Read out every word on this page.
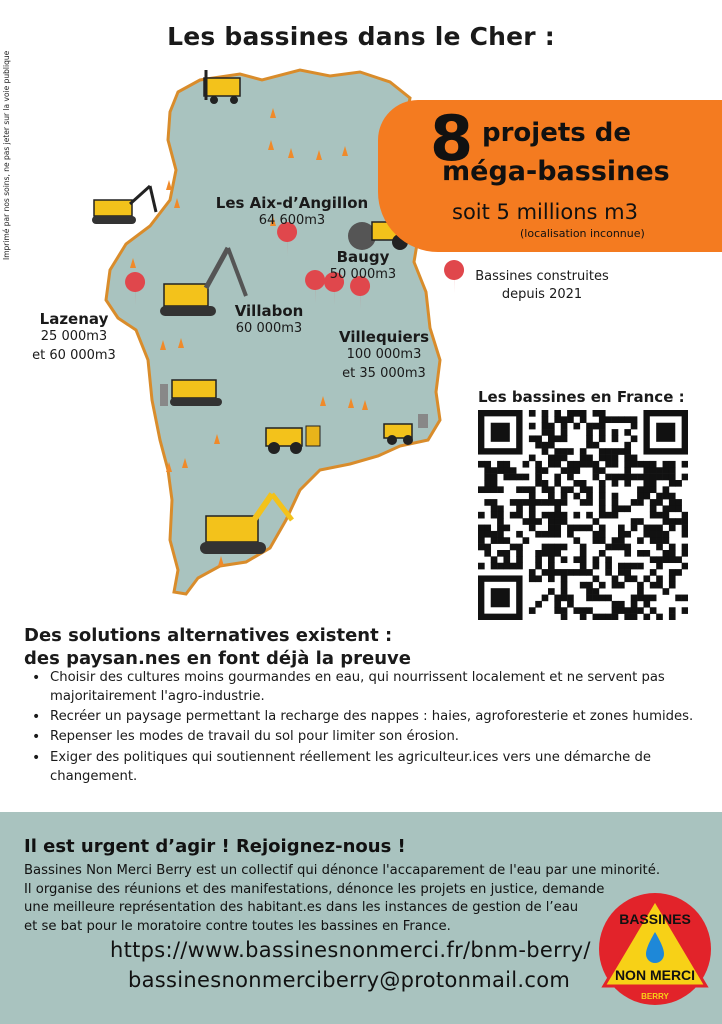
Imprimé par nos soins, ne pas jeter sur la voie publique
Les bassines dans le Cher :
8 projets de
méga-bassines
soit 5 millions m3
(localisation inconnue)
Les Aix-d’Angillon
64 600m3
Baugy
50 000m3
Lazenay
25 000m3
et 60 000m3
Villabon
60 000m3	Villequiers
100 000m3
et 35 000m3
Bassines construites
depuis 2021
Les bassines en France :
Des solutions alternatives existent :
des paysan.nes en font déjà la preuve
• Choisir des cultures moins gourmandes en eau, qui nourrissent localement et ne servent pas majoritairement l'agro-industrie.
• Recréer un paysage permettant la recharge des nappes : haies, agroforesterie et zones humides.
• Repenser les modes de travail du sol pour limiter son érosion.
• Exiger des politiques qui soutiennent réellement les agriculteur.ices vers une démarche de changement.
Il est urgent d’agir ! Rejoignez-nous !
Bassines Non Merci Berry est un collectif qui dénonce l'accaparement de l'eau par une minorité.
Il organise des réunions et des manifestations, dénonce les projets en justice, demande
une meilleure représentation des habitant.es dans les instances de gestion de l’eau
et se bat pour le moratoire contre toutes les bassines en France.
https://www.bassinesnonmerci.fr/bnm-berry/
bassinesnonmerciberry@protonmail.com
BASSINES
NON MERCI
BERRY
